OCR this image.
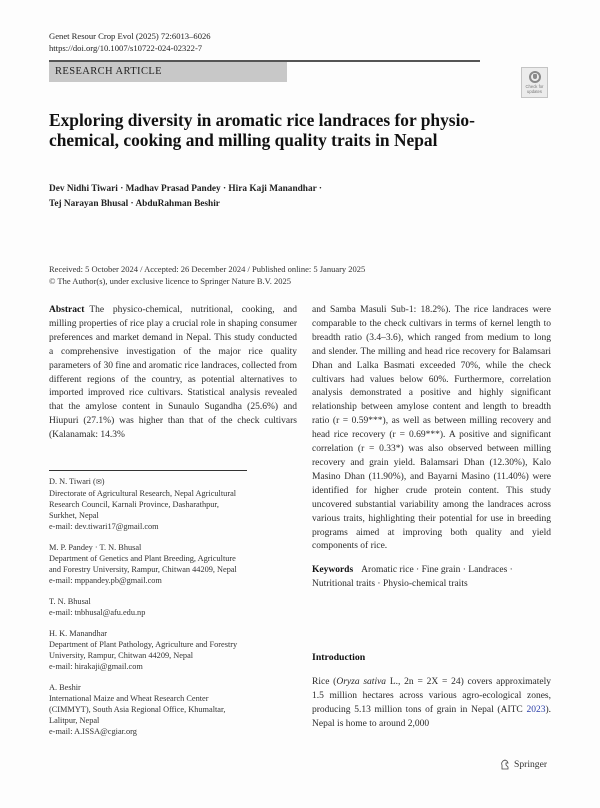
Genet Resour Crop Evol (2025) 72:6013–6026
https://doi.org/10.1007/s10722-024-02322-7
RESEARCH ARTICLE
Check for
updates
Exploring diversity in aromatic rice landraces for physio-chemical, cooking and milling quality traits in Nepal
Dev Nidhi Tiwari · Madhav Prasad Pandey · Hira Kaji Manandhar ·
Tej Narayan Bhusal · AbduRahman Beshir
Received: 5 October 2024 / Accepted: 26 December 2024 / Published online: 5 January 2025
© The Author(s), under exclusive licence to Springer Nature B.V. 2025

Abstract The physico-chemical, nutritional, cooking, and milling properties of rice play a crucial role in shaping consumer preferences and market demand in Nepal. This study conducted a comprehensive investigation of the major rice quality parameters of 30 fine and aromatic rice landraces, collected from different regions of the country, as potential alternatives to imported improved rice cultivars. Statistical analysis revealed that the amylose content in Sunaulo Sugandha (25.6%) and Hiupuri (27.1%) was higher than that of the check cultivars (Kalanamak: 14.3%

D. N. Tiwari (✉)
Directorate of Agricultural Research, Nepal Agricultural
Research Council, Karnali Province, Dasharathpur,
Surkhet, Nepal
e-mail: dev.tiwari17@gmail.com
M. P. Pandey · T. N. Bhusal
Department of Genetics and Plant Breeding, Agriculture
and Forestry University, Rampur, Chitwan 44209, Nepal
e-mail: mppandey.pb@gmail.com
T. N. Bhusal
e-mail: tnbhusal@afu.edu.np
H. K. Manandhar
Department of Plant Pathology, Agriculture and Forestry
University, Rampur, Chitwan 44209, Nepal
e-mail: hirakaji@gmail.com
A. Beshir
International Maize and Wheat Research Center
(CIMMYT), South Asia Regional Office, Khumaltar,
Lalitpur, Nepal
e-mail: A.ISSA@cgiar.org

and Samba Masuli Sub-1: 18.2%). The rice landraces were comparable to the check cultivars in terms of kernel length to breadth ratio (3.4–3.6), which ranged from medium to long and slender. The milling and head rice recovery for Balamsari Dhan and Lalka Basmati exceeded 70%, while the check cultivars had values below 60%. Furthermore, correlation analysis demonstrated a positive and highly significant relationship between amylose content and length to breadth ratio (r = 0.59***), as well as between milling recovery and head rice recovery (r = 0.69***). A positive and significant correlation (r = 0.33*) was also observed between milling recovery and grain yield. Balamsari Dhan (12.30%), Kalo Masino Dhan (11.90%), and Bayarni Masino (11.40%) were identified for higher crude protein content. This study uncovered substantial variability among the landraces across various traits, highlighting their potential for use in breeding programs aimed at improving both quality and yield components of rice.

Keywords Aromatic rice · Fine grain · Landraces · Nutritional traits · Physio-chemical traits

Introduction

Rice (Oryza sativa L., 2n = 2X = 24) covers approximately 1.5 million hectares across various agro-ecological zones, producing 5.13 million tons of grain in Nepal (AITC 2023). Nepal is home to around 2,000

Springer
